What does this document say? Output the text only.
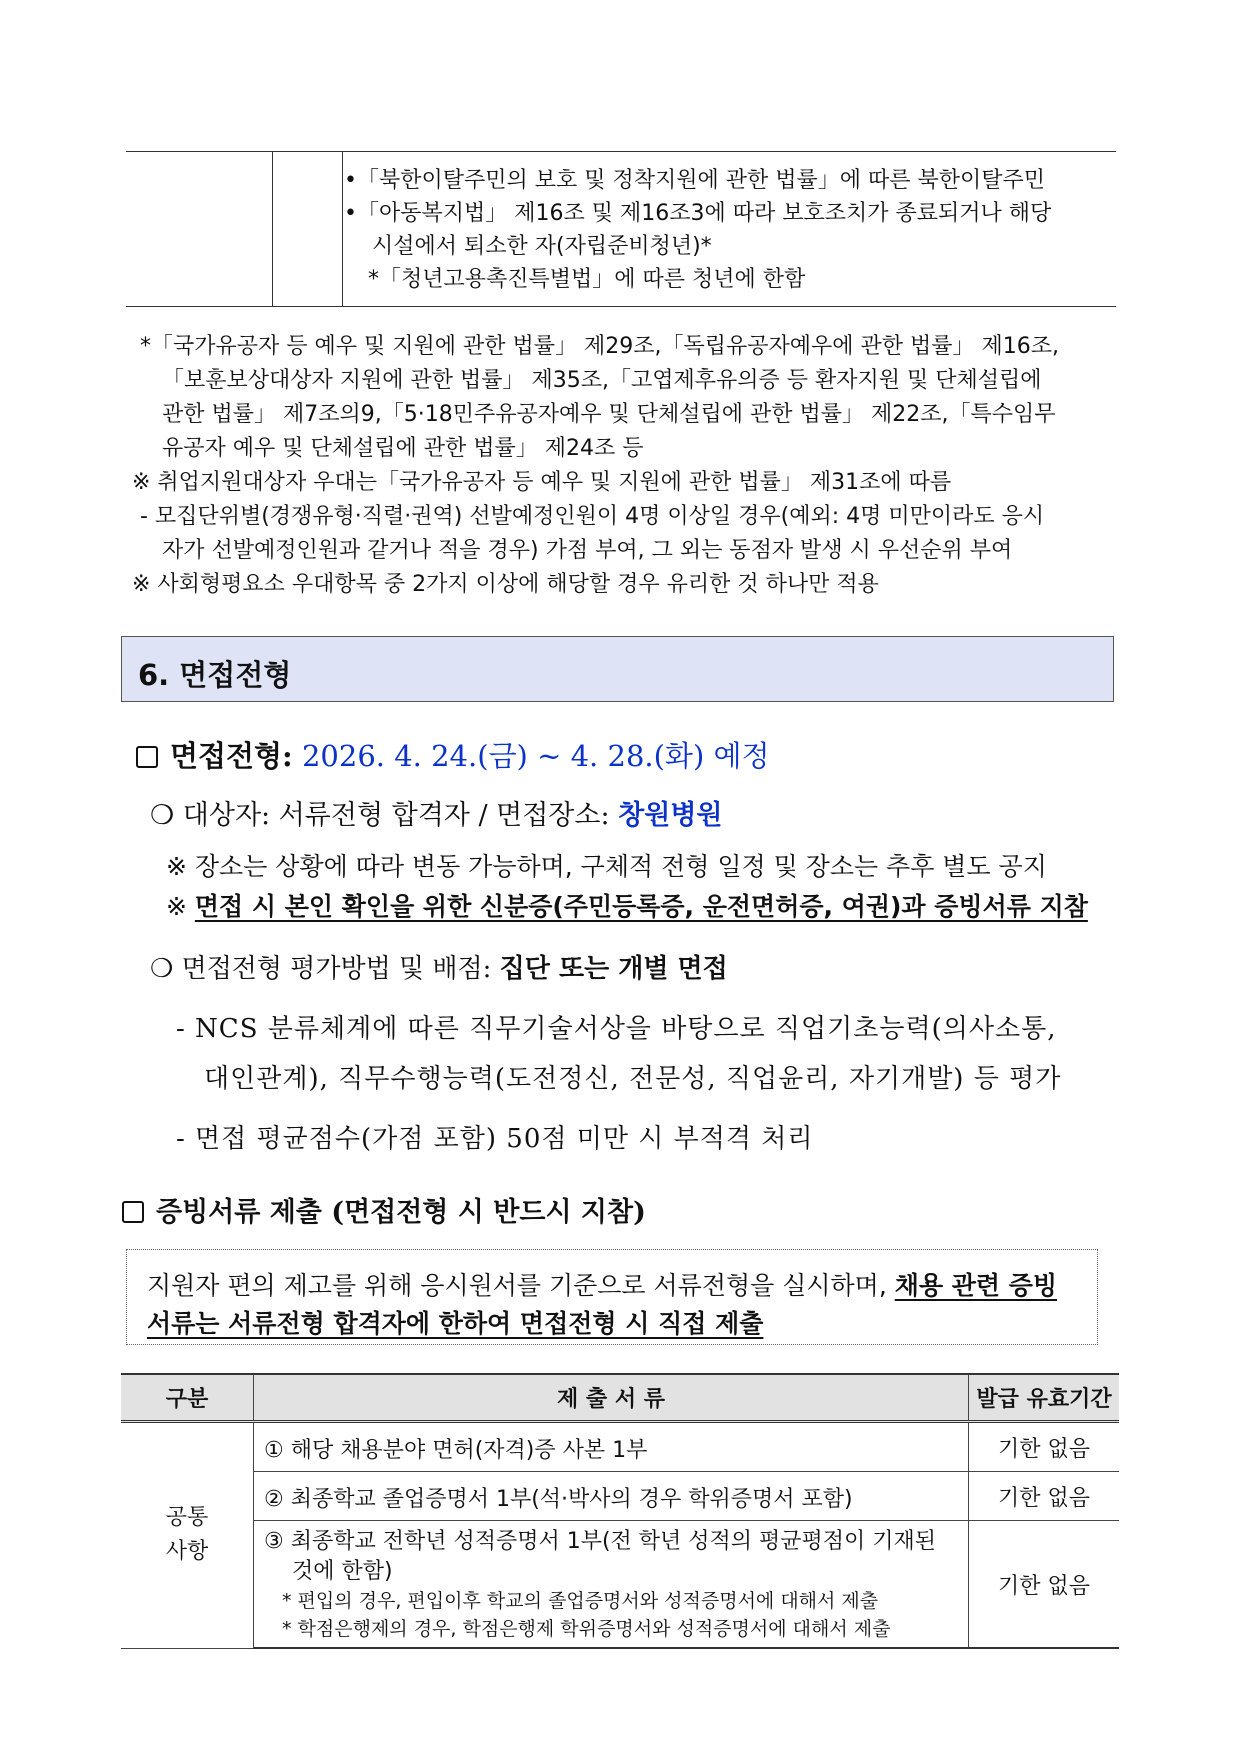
•「북한이탈주민의 보호 및 정착지원에 관한 법률」에 따른 북한이탈주민
•「아동복지법」 제16조 및 제16조3에 따라 보호조치가 종료되거나 해당
시설에서 퇴소한 자(자립준비청년)*
*「청년고용촉진특별법」에 따른 청년에 한함
*「국가유공자 등 예우 및 지원에 관한 법률」 제29조,「독립유공자예우에 관한 법률」 제16조,
「보훈보상대상자 지원에 관한 법률」 제35조,「고엽제후유의증 등 환자지원 및 단체설립에
관한 법률」 제7조의9,「5·18민주유공자예우 및 단체설립에 관한 법률」 제22조,「특수임무
유공자 예우 및 단체설립에 관한 법률」 제24조 등
※ 취업지원대상자 우대는「국가유공자 등 예우 및 지원에 관한 법률」 제31조에 따름
- 모집단위별(경쟁유형·직렬·권역) 선발예정인원이 4명 이상일 경우(예외: 4명 미만이라도 응시
자가 선발예정인원과 같거나 적을 경우) 가점 부여, 그 외는 동점자 발생 시 우선순위 부여
※ 사회형평요소 우대항목 중 2가지 이상에 해당할 경우 유리한 것 하나만 적용
6. 면접전형
면접전형: 2026. 4. 24.(금) ~ 4. 28.(화) 예정
❍ 대상자: 서류전형 합격자 / 면접장소: 창원병원
※ 장소는 상황에 따라 변동 가능하며, 구체적 전형 일정 및 장소는 추후 별도 공지
※ 면접 시 본인 확인을 위한 신분증(주민등록증, 운전면허증, 여권)과 증빙서류 지참
❍ 면접전형 평가방법 및 배점: 집단 또는 개별 면접
- NCS 분류체계에 따른 직무기술서상을 바탕으로 직업기초능력(의사소통,
대인관계), 직무수행능력(도전정신, 전문성, 직업윤리, 자기개발) 등 평가
- 면접 평균점수(가점 포함) 50점 미만 시 부적격 처리
증빙서류 제출 (면접전형 시 반드시 지참)
지원자 편의 제고를 위해 응시원서를 기준으로 서류전형을 실시하며, 채용 관련 증빙
서류는 서류전형 합격자에 한하여 면접전형 시 직접 제출
구분	제 출 서 류	발급 유효기간

공통
사항	① 해당 채용분야 면허(자격)증 사본 1부	기한 없음
	② 최종학교 졸업증명서 1부(석·박사의 경우 학위증명서 포함)	기한 없음

	③ 최종학교 전학년 성적증명서 1부(전 학년 성적의 평균평점이 기재된
것에 한함)
* 편입의 경우, 편입이후 학교의 졸업증명서와 성적증명서에 대해서 제출
* 학점은행제의 경우, 학점은행제 학위증명서와 성적증명서에 대해서 제출	기한 없음
